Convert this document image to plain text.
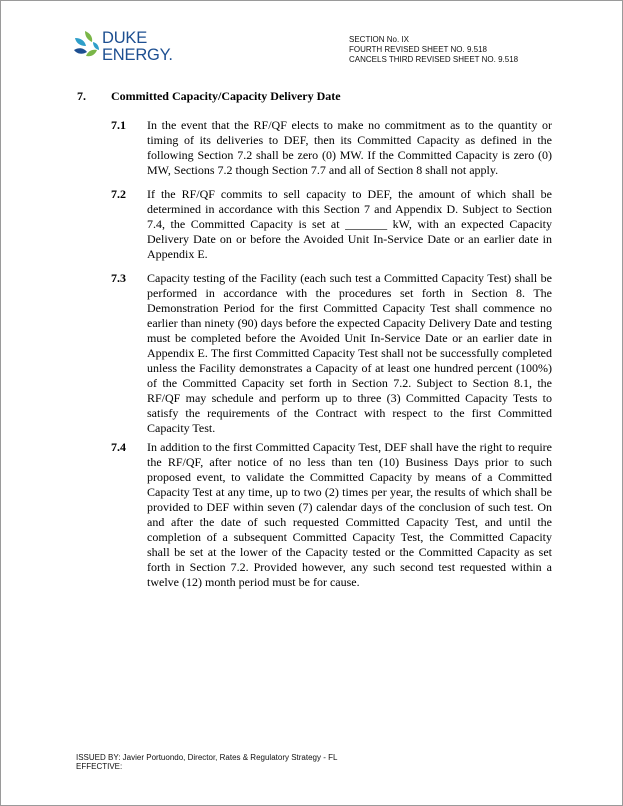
DUKE
ENERGY.
SECTION No. IX
FOURTH REVISED SHEET NO. 9.518
CANCELS THIRD REVISED SHEET NO. 9.518
7. Committed Capacity/Capacity Delivery Date
7.1 In the event that the RF/QF elects to make no commitment as to the quantity or timing of its deliveries to DEF, then its Committed Capacity as defined in the following Section 7.2 shall be zero (0) MW. If the Committed Capacity is zero (0) MW, Sections 7.2 though Section 7.7 and all of Section 8 shall not apply.
7.2 If the RF/QF commits to sell capacity to DEF, the amount of which shall be determined in accordance with this Section 7 and Appendix D. Subject to Section 7.4, the Committed Capacity is set at _______ kW, with an expected Capacity Delivery Date on or before the Avoided Unit In-Service Date or an earlier date in Appendix E.
7.3 Capacity testing of the Facility (each such test a Committed Capacity Test) shall be performed in accordance with the procedures set forth in Section 8. The Demonstration Period for the first Committed Capacity Test shall commence no earlier than ninety (90) days before the expected Capacity Delivery Date and testing must be completed before the Avoided Unit In-Service Date or an earlier date in Appendix E. The first Committed Capacity Test shall not be successfully completed unless the Facility demonstrates a Capacity of at least one hundred percent (100%) of the Committed Capacity set forth in Section 7.2. Subject to Section 8.1, the RF/QF may schedule and perform up to three (3) Committed Capacity Tests to satisfy the requirements of the Contract with respect to the first Committed Capacity Test.
7.4 In addition to the first Committed Capacity Test, DEF shall have the right to require the RF/QF, after notice of no less than ten (10) Business Days prior to such proposed event, to validate the Committed Capacity by means of a Committed Capacity Test at any time, up to two (2) times per year, the results of which shall be provided to DEF within seven (7) calendar days of the conclusion of such test. On and after the date of such requested Committed Capacity Test, and until the completion of a subsequent Committed Capacity Test, the Committed Capacity shall be set at the lower of the Capacity tested or the Committed Capacity as set forth in Section 7.2. Provided however, any such second test requested within a twelve (12) month period must be for cause.
ISSUED BY: Javier Portuondo, Director, Rates & Regulatory Strategy - FL
EFFECTIVE:
